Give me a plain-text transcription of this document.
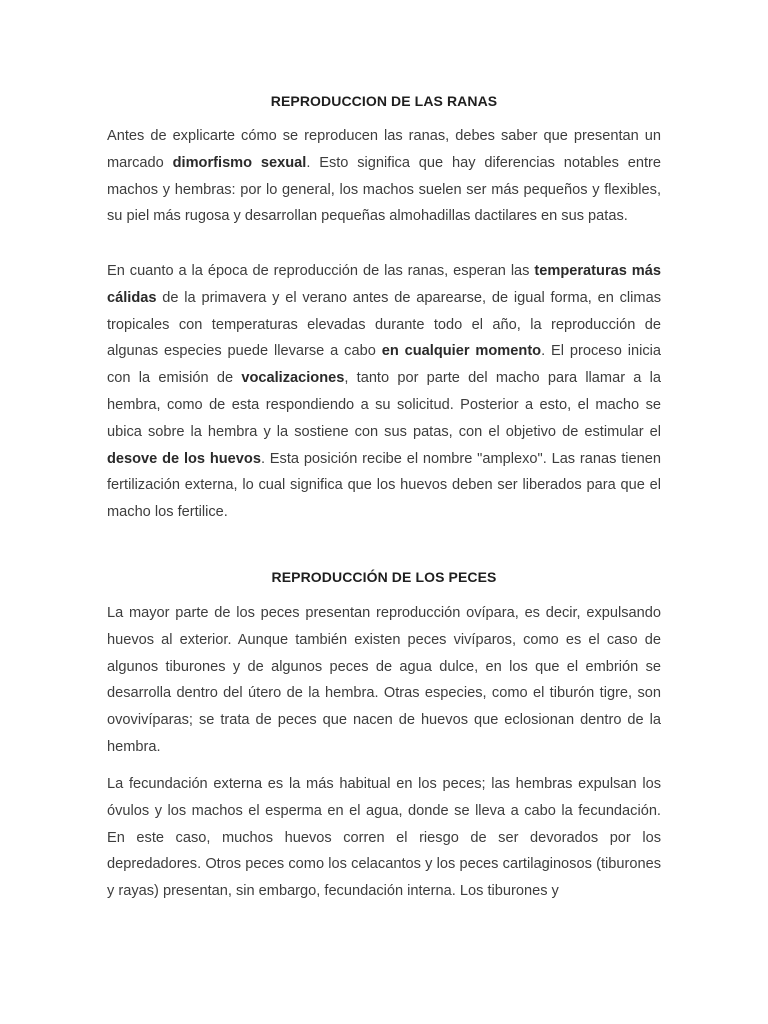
REPRODUCCION DE LAS RANAS

Antes de explicarte cómo se reproducen las ranas, debes saber que presentan un marcado dimorfismo sexual. Esto significa que hay diferencias notables entre machos y hembras: por lo general, los machos suelen ser más pequeños y flexibles, su piel más rugosa y desarrollan pequeñas almohadillas dactilares en sus patas.

En cuanto a la época de reproducción de las ranas, esperan las temperaturas más cálidas de la primavera y el verano antes de aparearse, de igual forma, en climas tropicales con temperaturas elevadas durante todo el año, la reproducción de algunas especies puede llevarse a cabo en cualquier momento. El proceso inicia con la emisión de vocalizaciones, tanto por parte del macho para llamar a la hembra, como de esta respondiendo a su solicitud. Posterior a esto, el macho se ubica sobre la hembra y la sostiene con sus patas, con el objetivo de estimular el desove de los huevos. Esta posición recibe el nombre "amplexo". Las ranas tienen fertilización externa, lo cual significa que los huevos deben ser liberados para que el macho los fertilice.

REPRODUCCIÓN DE LOS PECES

La mayor parte de los peces presentan reproducción ovípara, es decir, expulsando huevos al exterior. Aunque también existen peces vivíparos, como es el caso de algunos tiburones y de algunos peces de agua dulce, en los que el embrión se desarrolla dentro del útero de la hembra. Otras especies, como el tiburón tigre, son ovovivíparas; se trata de peces que nacen de huevos que eclosionan dentro de la hembra.

La fecundación externa es la más habitual en los peces; las hembras expulsan los óvulos y los machos el esperma en el agua, donde se lleva a cabo la fecundación. En este caso, muchos huevos corren el riesgo de ser devorados por los depredadores. Otros peces como los celacantos y los peces cartilaginosos (tiburones y rayas) presentan, sin embargo, fecundación interna. Los tiburones y
